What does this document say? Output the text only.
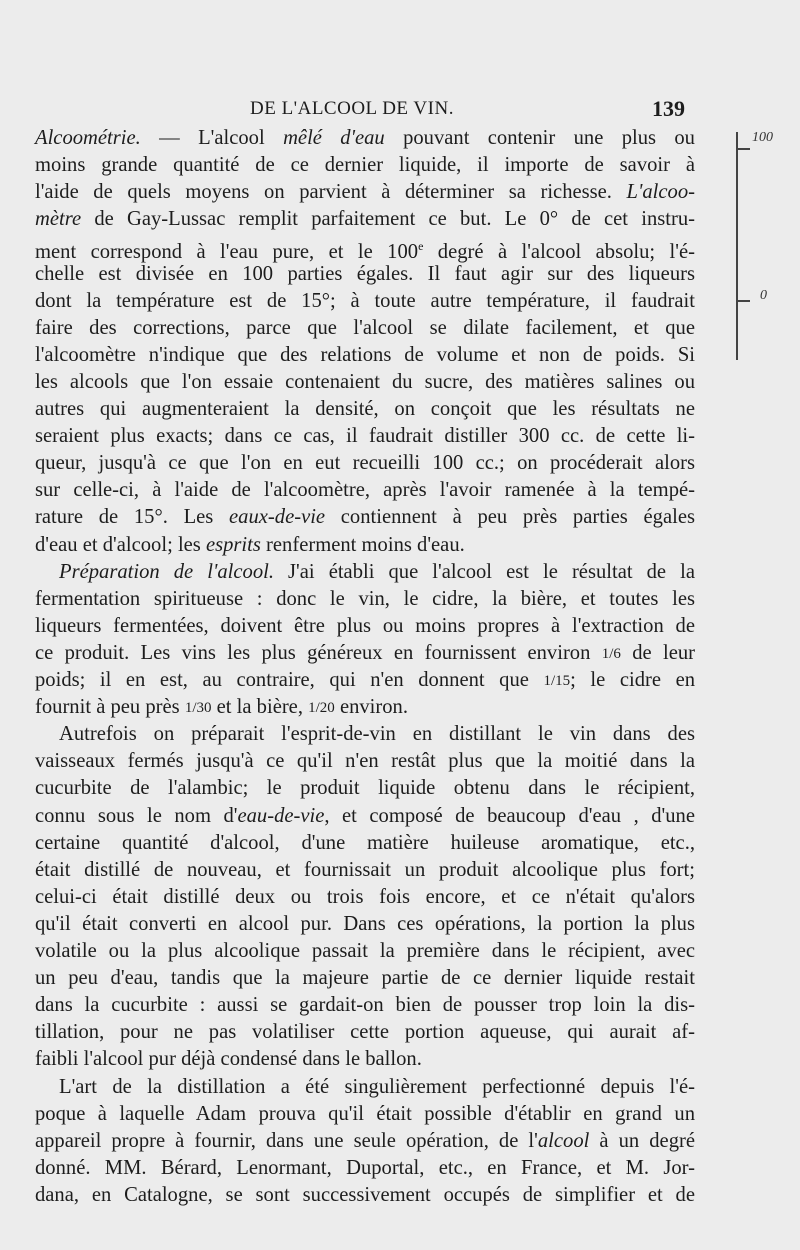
DE L'ALCOOL DE VIN.	139
Alcoométrie. — L'alcool mêlé d'eau pouvant contenir une plus ou
moins grande quantité de ce dernier liquide, il importe de savoir à
l'aide de quels moyens on parvient à déterminer sa richesse. L'alcoo-
mètre de Gay-Lussac remplit parfaitement ce but. Le 0° de cet instru-
ment correspond à l'eau pure, et le 100e degré à l'alcool absolu; l'é-
chelle est divisée en 100 parties égales. Il faut agir sur des liqueurs
dont la température est de 15°; à toute autre température, il faudrait
faire des corrections, parce que l'alcool se dilate facilement, et que
l'alcoomètre n'indique que des relations de volume et non de poids. Si
les alcools que l'on essaie contenaient du sucre, des matières salines ou
autres qui augmenteraient la densité, on conçoit que les résultats ne
seraient plus exacts; dans ce cas, il faudrait distiller 300 cc. de cette li-
queur, jusqu'à ce que l'on en eut recueilli 100 cc.; on procéderait alors
sur celle-ci, à l'aide de l'alcoomètre, après l'avoir ramenée à la tempé-
rature de 15°. Les eaux-de-vie contiennent à peu près parties égales
d'eau et d'alcool; les esprits renferment moins d'eau.
Préparation de l'alcool. J'ai établi que l'alcool est le résultat de la
fermentation spiritueuse : donc le vin, le cidre, la bière, et toutes les
liqueurs fermentées, doivent être plus ou moins propres à l'extraction de
ce produit. Les vins les plus généreux en fournissent environ 1/6 de leur
poids; il en est, au contraire, qui n'en donnent que 1/15; le cidre en
fournit à peu près 1/30 et la bière, 1/20 environ.
Autrefois on préparait l'esprit-de-vin en distillant le vin dans des
vaisseaux fermés jusqu'à ce qu'il n'en restât plus que la moitié dans la
cucurbite de l'alambic; le produit liquide obtenu dans le récipient,
connu sous le nom d'eau-de-vie, et composé de beaucoup d'eau , d'une
certaine quantité d'alcool, d'une matière huileuse aromatique, etc.,
était distillé de nouveau, et fournissait un produit alcoolique plus fort;
celui-ci était distillé deux ou trois fois encore, et ce n'était qu'alors
qu'il était converti en alcool pur. Dans ces opérations, la portion la plus
volatile ou la plus alcoolique passait la première dans le récipient, avec
un peu d'eau, tandis que la majeure partie de ce dernier liquide restait
dans la cucurbite : aussi se gardait-on bien de pousser trop loin la dis-
tillation, pour ne pas volatiliser cette portion aqueuse, qui aurait af-
faibli l'alcool pur déjà condensé dans le ballon.
L'art de la distillation a été singulièrement perfectionné depuis l'é-
poque à laquelle Adam prouva qu'il était possible d'établir en grand un
appareil propre à fournir, dans une seule opération, de l'alcool à un degré
donné. MM. Bérard, Lenormant, Duportal, etc., en France, et M. Jor-
dana, en Catalogne, se sont successivement occupés de simplifier et de
100
0
